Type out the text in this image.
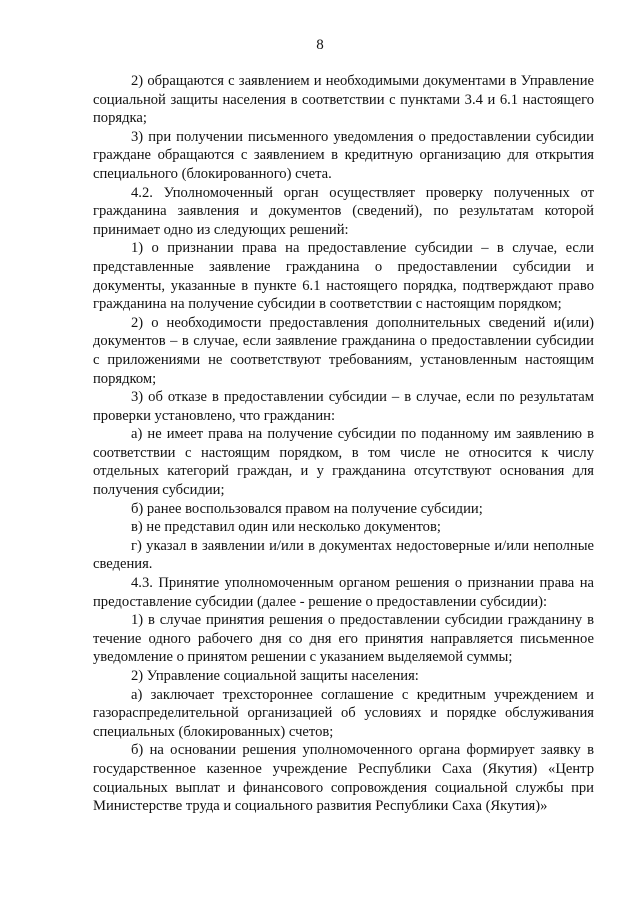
8

2) обращаются с заявлением и необходимыми документами в Управление социальной защиты населения в соответствии с пунктами 3.4 и 6.1 настоящего порядка;

3) при получении письменного уведомления о предоставлении субсидии граждане обращаются с заявлением в кредитную организацию для открытия специального (блокированного) счета.

4.2. Уполномоченный орган осуществляет проверку полученных от гражданина заявления и документов (сведений), по результатам которой принимает одно из следующих решений:

1) о признании права на предоставление субсидии – в случае, если представленные заявление гражданина о предоставлении субсидии и документы, указанные в пункте 6.1 настоящего порядка, подтверждают право гражданина на получение субсидии в соответствии с настоящим порядком;

2) о необходимости предоставления дополнительных сведений и(или) документов – в случае, если заявление гражданина о предоставлении субсидии с приложениями не соответствуют требованиям, установленным настоящим порядком;

3) об отказе в предоставлении субсидии – в случае, если по результатам проверки установлено, что гражданин:

а) не имеет права на получение субсидии по поданному им заявлению в соответствии с настоящим порядком, в том числе не относится к числу отдельных категорий граждан, и у гражданина отсутствуют основания для получения субсидии;

б) ранее воспользовался правом на получение субсидии;

в) не представил один или несколько документов;

г) указал в заявлении и/или в документах недостоверные и/или неполные сведения.

4.3. Принятие уполномоченным органом решения о признании права на предоставление субсидии (далее - решение о предоставлении субсидии):

1) в случае принятия решения о предоставлении субсидии гражданину в течение одного рабочего дня со дня его принятия направляется письменное уведомление о принятом решении с указанием выделяемой суммы;

2) Управление социальной защиты населения:

а) заключает трехстороннее соглашение с кредитным учреждением и газораспределительной организацией об условиях и порядке обслуживания специальных (блокированных) счетов;

б) на основании решения уполномоченного органа формирует заявку в государственное казенное учреждение Республики Саха (Якутия) «Центр социальных выплат и финансового сопровождения социальной службы при Министерстве труда и социального развития Республики Саха (Якутия)»
